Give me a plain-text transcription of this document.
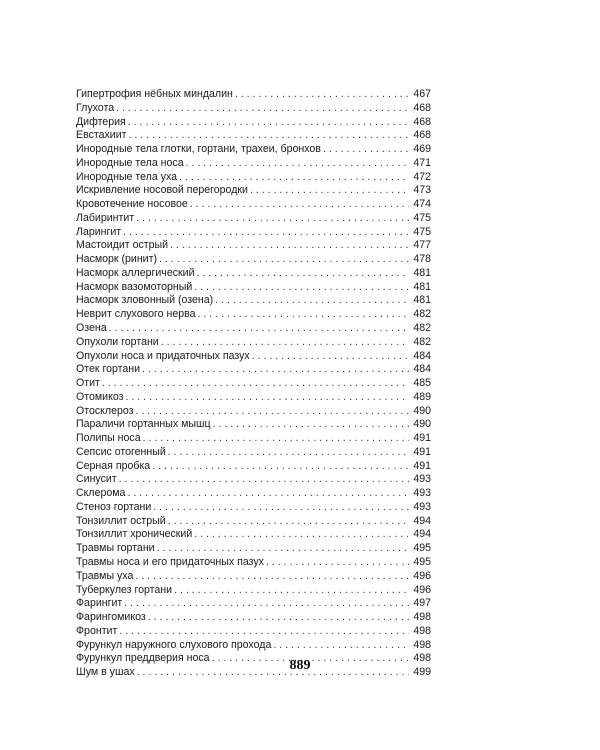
Гипертрофия нёбных миндалин . . .	467
Глухота . . .	468
Дифтерия . . .	468
Евстахиит . . .	468
Инородные тела глотки, гортани, трахеи, бронхов . . .	469
Инородные тела носа . . .	471
Инородные тела уха . . .	472
Искривление носовой перегородки . . .	473
Кровотечение носовое . . .	474
Лабиринтит . . .	475
Ларингит . . .	475
Мастоидит острый . . .	477
Насморк (ринит) . . .	478
Насморк аллергический . . .	481
Насморк вазомоторный . . .	481
Насморк зловонный (озена) . . .	481
Неврит слухового нерва . . .	482
Озена . . .	482
Опухоли гортани . . .	482
Опухоли носа и придаточных пазух . . .	484
Отек гортани . . .	484
Отит . . .	485
Отомикоз . . .	489
Отосклероз . . .	490
Параличи гортанных мышц . . .	490
Полипы носа . . .	491
Сепсис отогенный . . .	491
Серная пробка . . .	491
Синусит . . .	493
Склерома . . .	493
Стеноз гортани . . .	493
Тонзиллит острый . . .	494
Тонзиллит хронический . . .	494
Травмы гортани . . .	495
Травмы носа и его придаточных пазух . . .	495
Травмы уха . . .	496
Туберкулез гортани . . .	496
Фарингит . . .	497
Фарингомикоз . . .	498
Фронтит . . .	498
Фурункул наружного слухового прохода . . .	498
Фурункул преддверия носа . . .	498
Шум в ушах . . .	499
889
